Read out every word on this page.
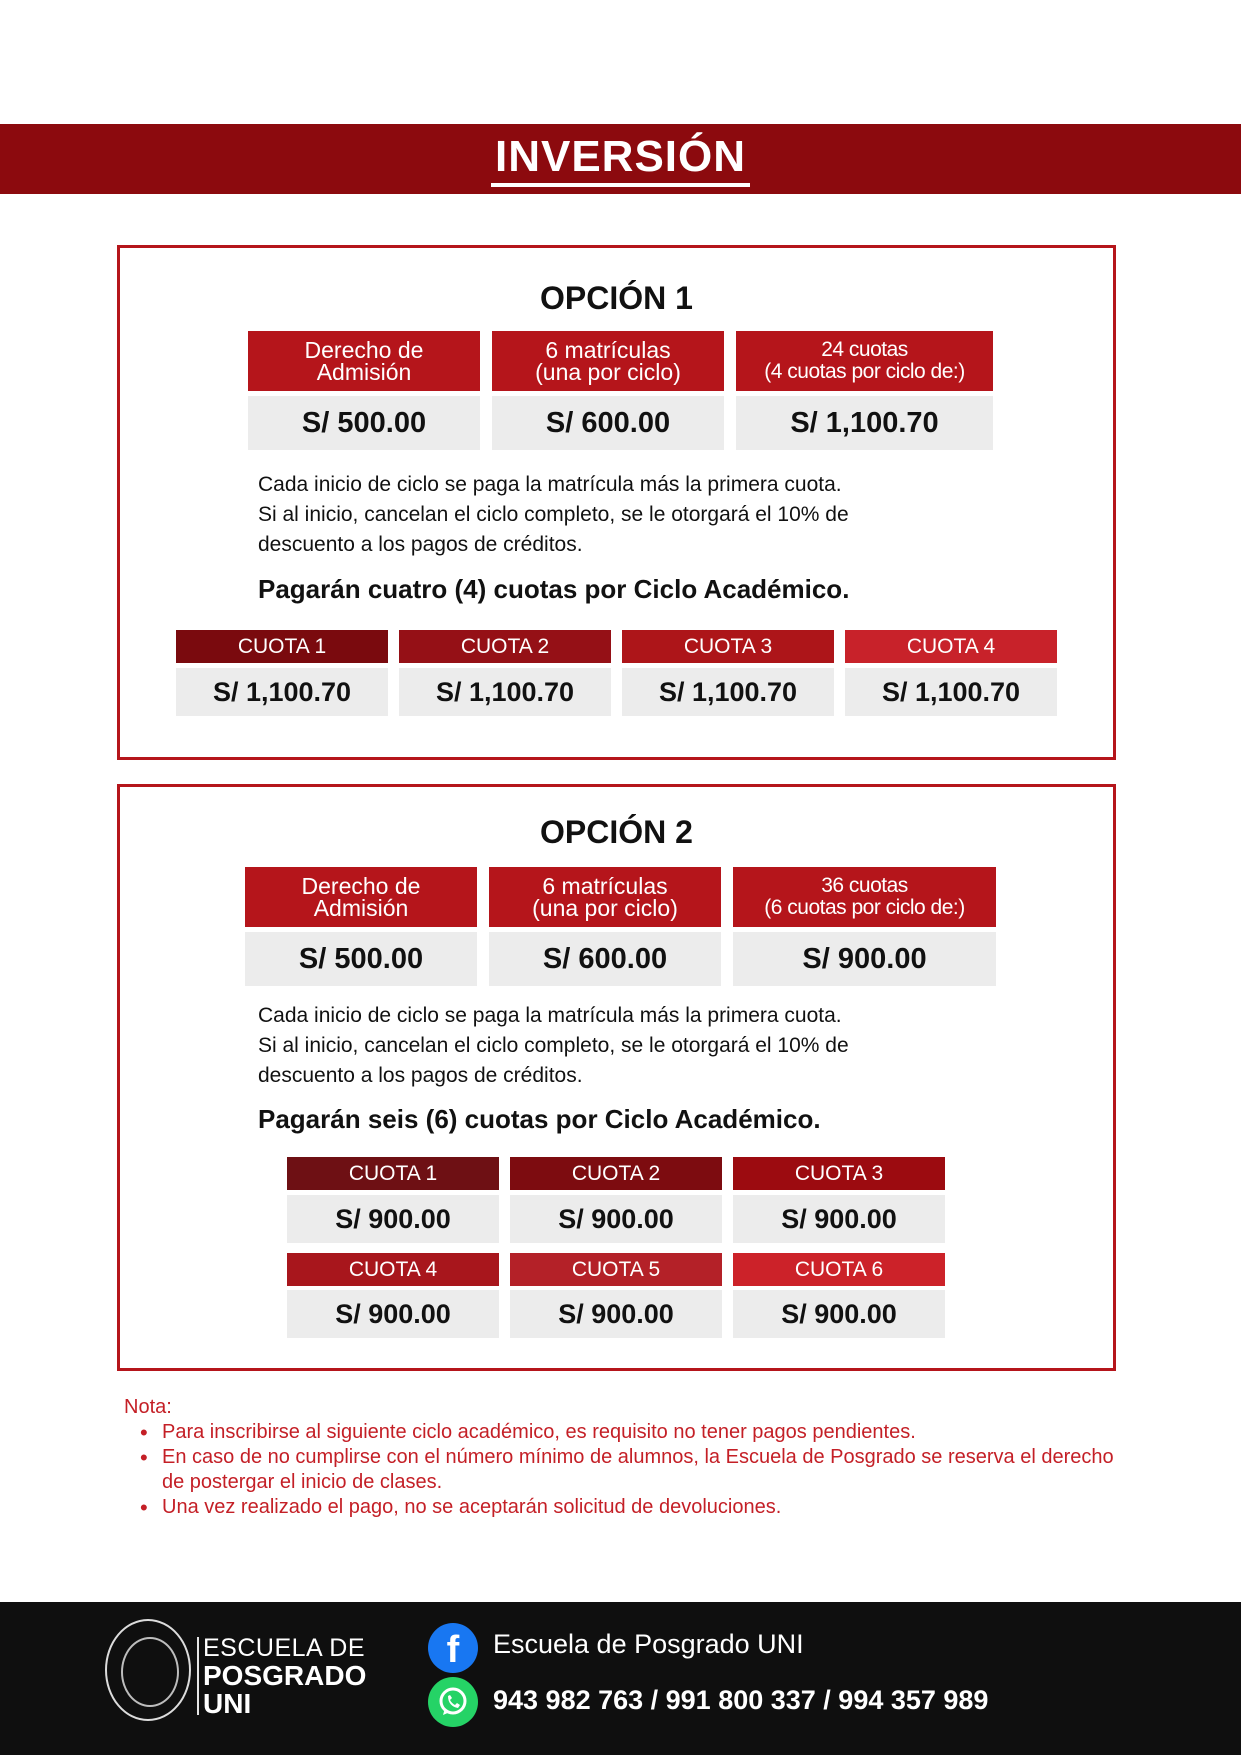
INVERSIÓN
OPCIÓN 1
Derecho de
Admisión
S/ 500.00
6 matrículas
(una por ciclo)
S/ 600.00
24 cuotas
(4 cuotas por ciclo de:)
S/ 1,100.70
Cada inicio de ciclo se paga la matrícula más la primera cuota.
Si al inicio, cancelan el ciclo completo, se le otorgará el 10% de
descuento a los pagos de créditos.
Pagarán cuatro (4) cuotas por Ciclo Académico.
CUOTA 1
S/ 1,100.70
CUOTA 2
S/ 1,100.70
CUOTA 3
S/ 1,100.70
CUOTA 4
S/ 1,100.70
OPCIÓN 2
Derecho de
Admisión
S/ 500.00
6 matrículas
(una por ciclo)
S/ 600.00
36 cuotas
(6 cuotas por ciclo de:)
S/ 900.00
Cada inicio de ciclo se paga la matrícula más la primera cuota.
Si al inicio, cancelan el ciclo completo, se le otorgará el 10% de
descuento a los pagos de créditos.
Pagarán seis (6) cuotas por Ciclo Académico.
CUOTA 1
S/ 900.00
CUOTA 2
S/ 900.00
CUOTA 3
S/ 900.00
CUOTA 4
S/ 900.00
CUOTA 5
S/ 900.00
CUOTA 6
S/ 900.00
Nota:
• Para inscribirse al siguiente ciclo académico, es requisito no tener pagos pendientes.
• En caso de no cumplirse con el número mínimo de alumnos, la Escuela de Posgrado se reserva el derecho de postergar el inicio de clases.
• Una vez realizado el pago, no se aceptarán solicitud de devoluciones.
ESCUELA DE
POSGRADO
UNI
f	Escuela de Posgrado UNI
943 982 763 / 991 800 337 / 994 357 989
